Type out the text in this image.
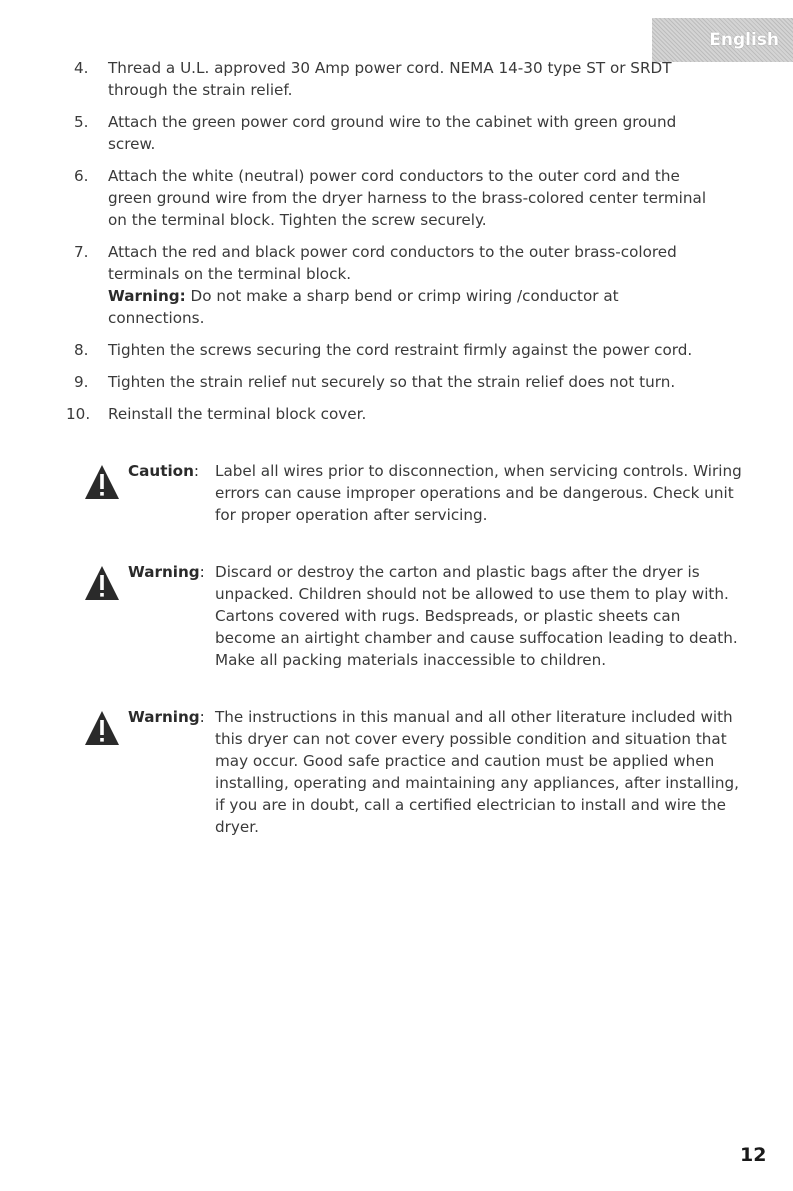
English
4.	Thread a U.L. approved 30 Amp power cord. NEMA 14-30 type ST or SRDT through the strain relief.
5.	Attach the green power cord ground wire to the cabinet with green ground screw.
6.	Attach the white (neutral) power cord conductors to the outer cord and the green ground wire from the dryer harness to the brass-colored center terminal on the terminal block. Tighten the screw securely.
7.	Attach the red and black power cord conductors to the outer brass-colored terminals on the terminal block.
Warning: Do not make a sharp bend or crimp wiring /conductor at connections.
8.	Tighten the screws securing the cord restraint firmly against the power cord.
9.	Tighten the strain relief nut securely so that the strain relief does not turn.
10. Reinstall the terminal block cover.
Caution: Label all wires prior to disconnection, when servicing controls. Wiring errors can cause improper operations and be dangerous. Check unit for proper operation after servicing.
Warning: Discard or destroy the carton and plastic bags after the dryer is unpacked. Children should not be allowed to use them to play with. Cartons covered with rugs. Bedspreads, or plastic sheets can become an airtight chamber and cause suffocation leading to death. Make all packing materials inaccessible to children.
Warning: The instructions in this manual and all other literature included with this dryer can not cover every possible condition and situation that may occur. Good safe practice and caution must be applied when installing, operating and maintaining any appliances, after installing, if you are in doubt, call a certified electrician to install and wire the dryer.
12
